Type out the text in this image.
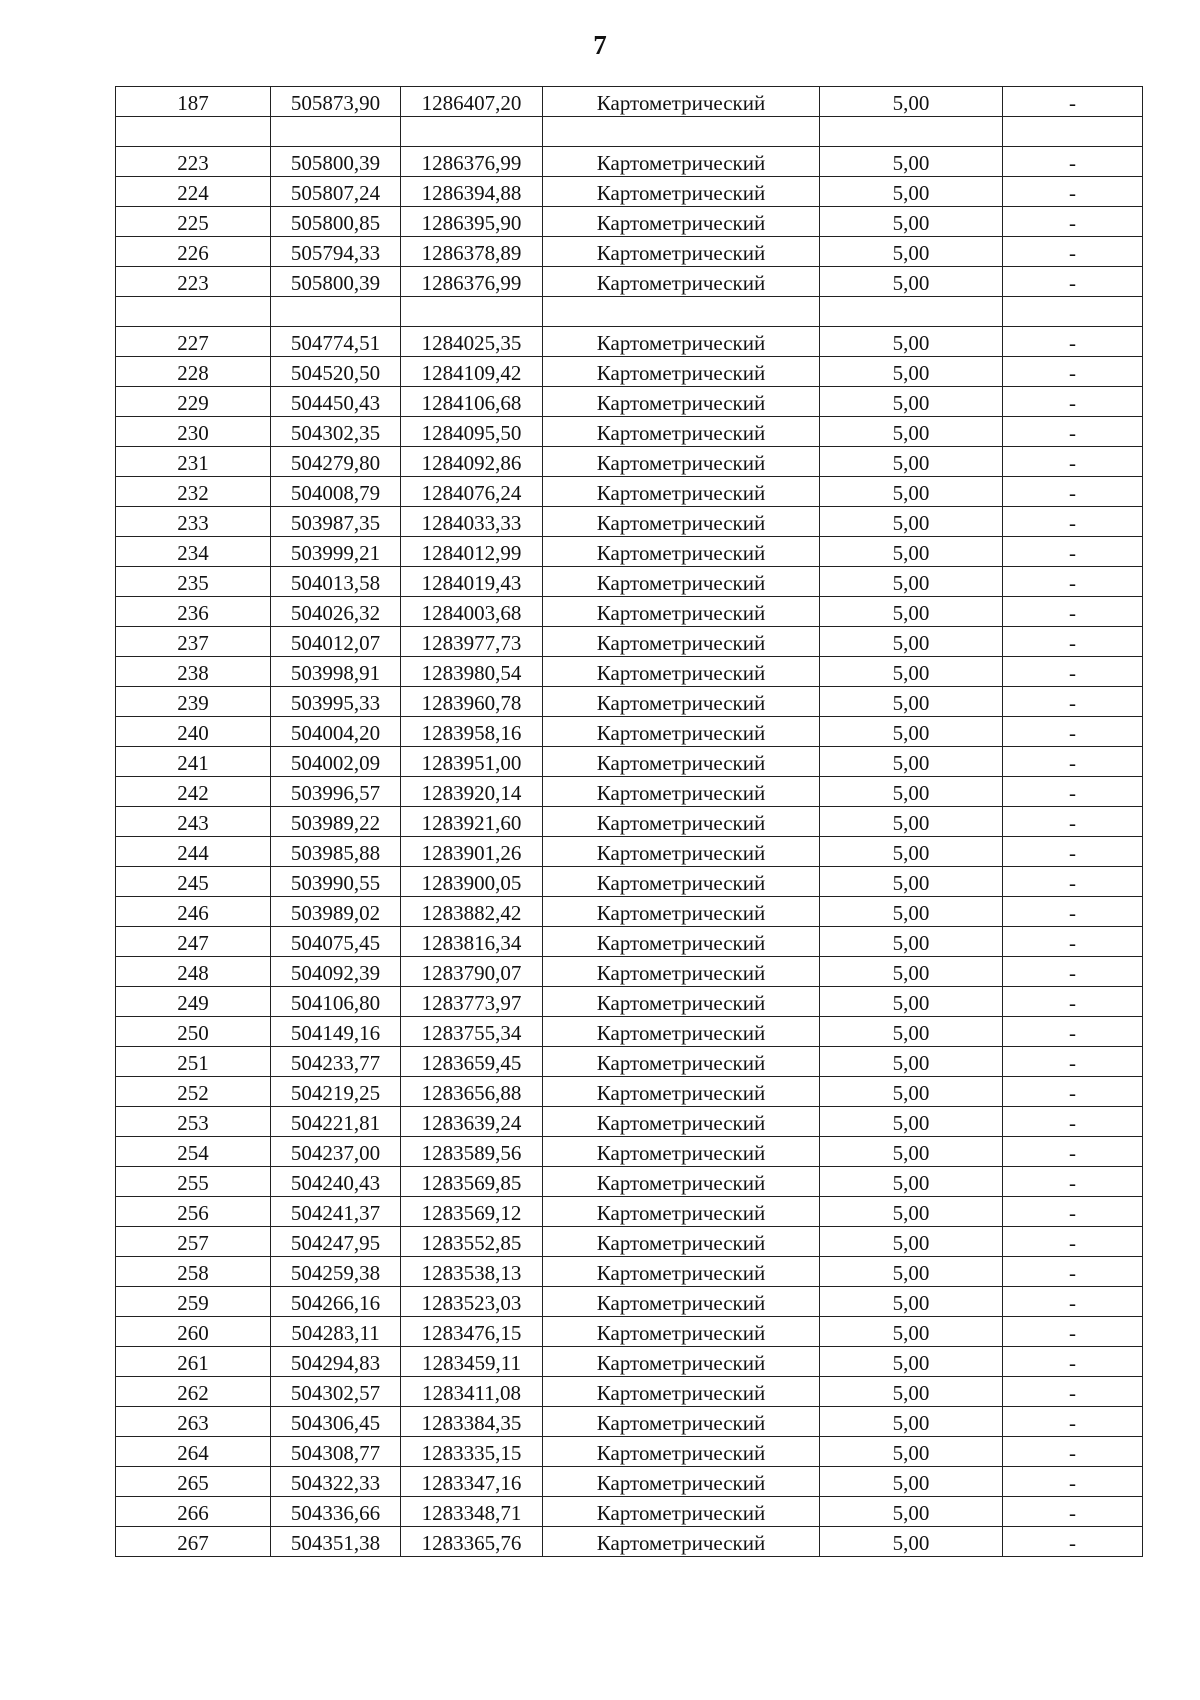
7
187	505873,90	1286407,20	Картометрический	5,00	-

223	505800,39	1286376,99	Картометрический	5,00	-
224	505807,24	1286394,88	Картометрический	5,00	-
225	505800,85	1286395,90	Картометрический	5,00	-
226	505794,33	1286378,89	Картометрический	5,00	-
223	505800,39	1286376,99	Картометрический	5,00	-

227	504774,51	1284025,35	Картометрический	5,00	-
228	504520,50	1284109,42	Картометрический	5,00	-
229	504450,43	1284106,68	Картометрический	5,00	-
230	504302,35	1284095,50	Картометрический	5,00	-
231	504279,80	1284092,86	Картометрический	5,00	-
232	504008,79	1284076,24	Картометрический	5,00	-
233	503987,35	1284033,33	Картометрический	5,00	-
234	503999,21	1284012,99	Картометрический	5,00	-
235	504013,58	1284019,43	Картометрический	5,00	-
236	504026,32	1284003,68	Картометрический	5,00	-
237	504012,07	1283977,73	Картометрический	5,00	-
238	503998,91	1283980,54	Картометрический	5,00	-
239	503995,33	1283960,78	Картометрический	5,00	-
240	504004,20	1283958,16	Картометрический	5,00	-
241	504002,09	1283951,00	Картометрический	5,00	-
242	503996,57	1283920,14	Картометрический	5,00	-
243	503989,22	1283921,60	Картометрический	5,00	-
244	503985,88	1283901,26	Картометрический	5,00	-
245	503990,55	1283900,05	Картометрический	5,00	-
246	503989,02	1283882,42	Картометрический	5,00	-
247	504075,45	1283816,34	Картометрический	5,00	-
248	504092,39	1283790,07	Картометрический	5,00	-
249	504106,80	1283773,97	Картометрический	5,00	-
250	504149,16	1283755,34	Картометрический	5,00	-
251	504233,77	1283659,45	Картометрический	5,00	-
252	504219,25	1283656,88	Картометрический	5,00	-
253	504221,81	1283639,24	Картометрический	5,00	-
254	504237,00	1283589,56	Картометрический	5,00	-
255	504240,43	1283569,85	Картометрический	5,00	-
256	504241,37	1283569,12	Картометрический	5,00	-
257	504247,95	1283552,85	Картометрический	5,00	-
258	504259,38	1283538,13	Картометрический	5,00	-
259	504266,16	1283523,03	Картометрический	5,00	-
260	504283,11	1283476,15	Картометрический	5,00	-
261	504294,83	1283459,11	Картометрический	5,00	-
262	504302,57	1283411,08	Картометрический	5,00	-
263	504306,45	1283384,35	Картометрический	5,00	-
264	504308,77	1283335,15	Картометрический	5,00	-
265	504322,33	1283347,16	Картометрический	5,00	-
266	504336,66	1283348,71	Картометрический	5,00	-
267	504351,38	1283365,76	Картометрический	5,00	-
